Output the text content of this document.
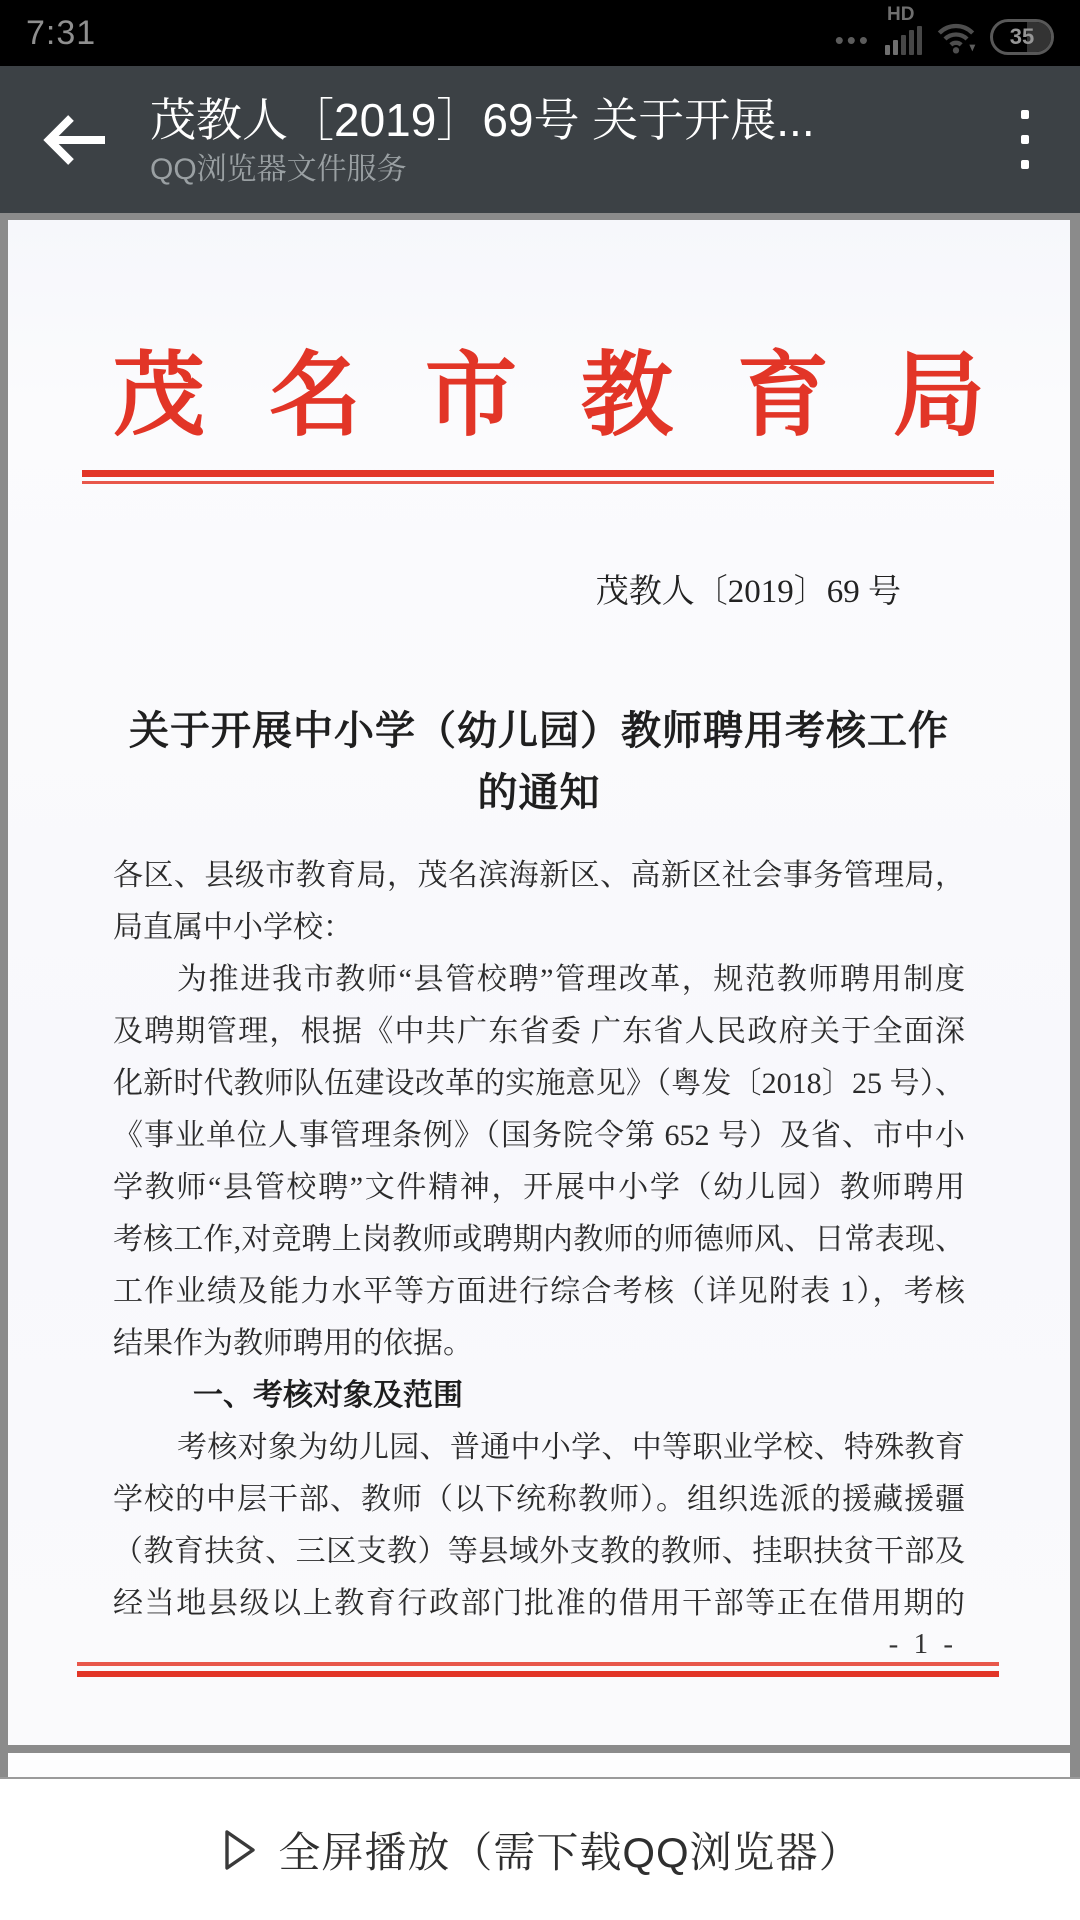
7:31	•••
HD
35
茂教人［2019］69号 关于开展...
QQ浏览器文件服务
茂 名 市 教 育 局
茂教人〔2019〕69 号
关于开展中小学（幼儿园）教师聘用考核工作
的通知
各区、县级市教育局，茂名滨海新区、高新区社会事务管理局，
局直属中小学校：
为推进我市教师“县管校聘”管理改革，规范教师聘用制度
及聘期管理，根据《中共广东省委 广东省人民政府关于全面深
化新时代教师队伍建设改革的实施意见》（粤发〔2018〕25 号）、
《事业单位人事管理条例》（国务院令第 652 号）及省、市中小
学教师“县管校聘”文件精神，开展中小学（幼儿园）教师聘用
考核工作,对竞聘上岗教师或聘期内教师的师德师风、日常表现、
工作业绩及能力水平等方面进行综合考核（详见附表 1），考核
结果作为教师聘用的依据。
一、考核对象及范围
考核对象为幼儿园、普通中小学、中等职业学校、特殊教育
学校的中层干部、教师（以下统称教师）。组织选派的援藏援疆
（教育扶贫、三区支教）等县域外支教的教师、挂职扶贫干部及
经当地县级以上教育行政部门批准的借用干部等正在借用期的
- 1 -
全屏播放（需下载QQ浏览器）
